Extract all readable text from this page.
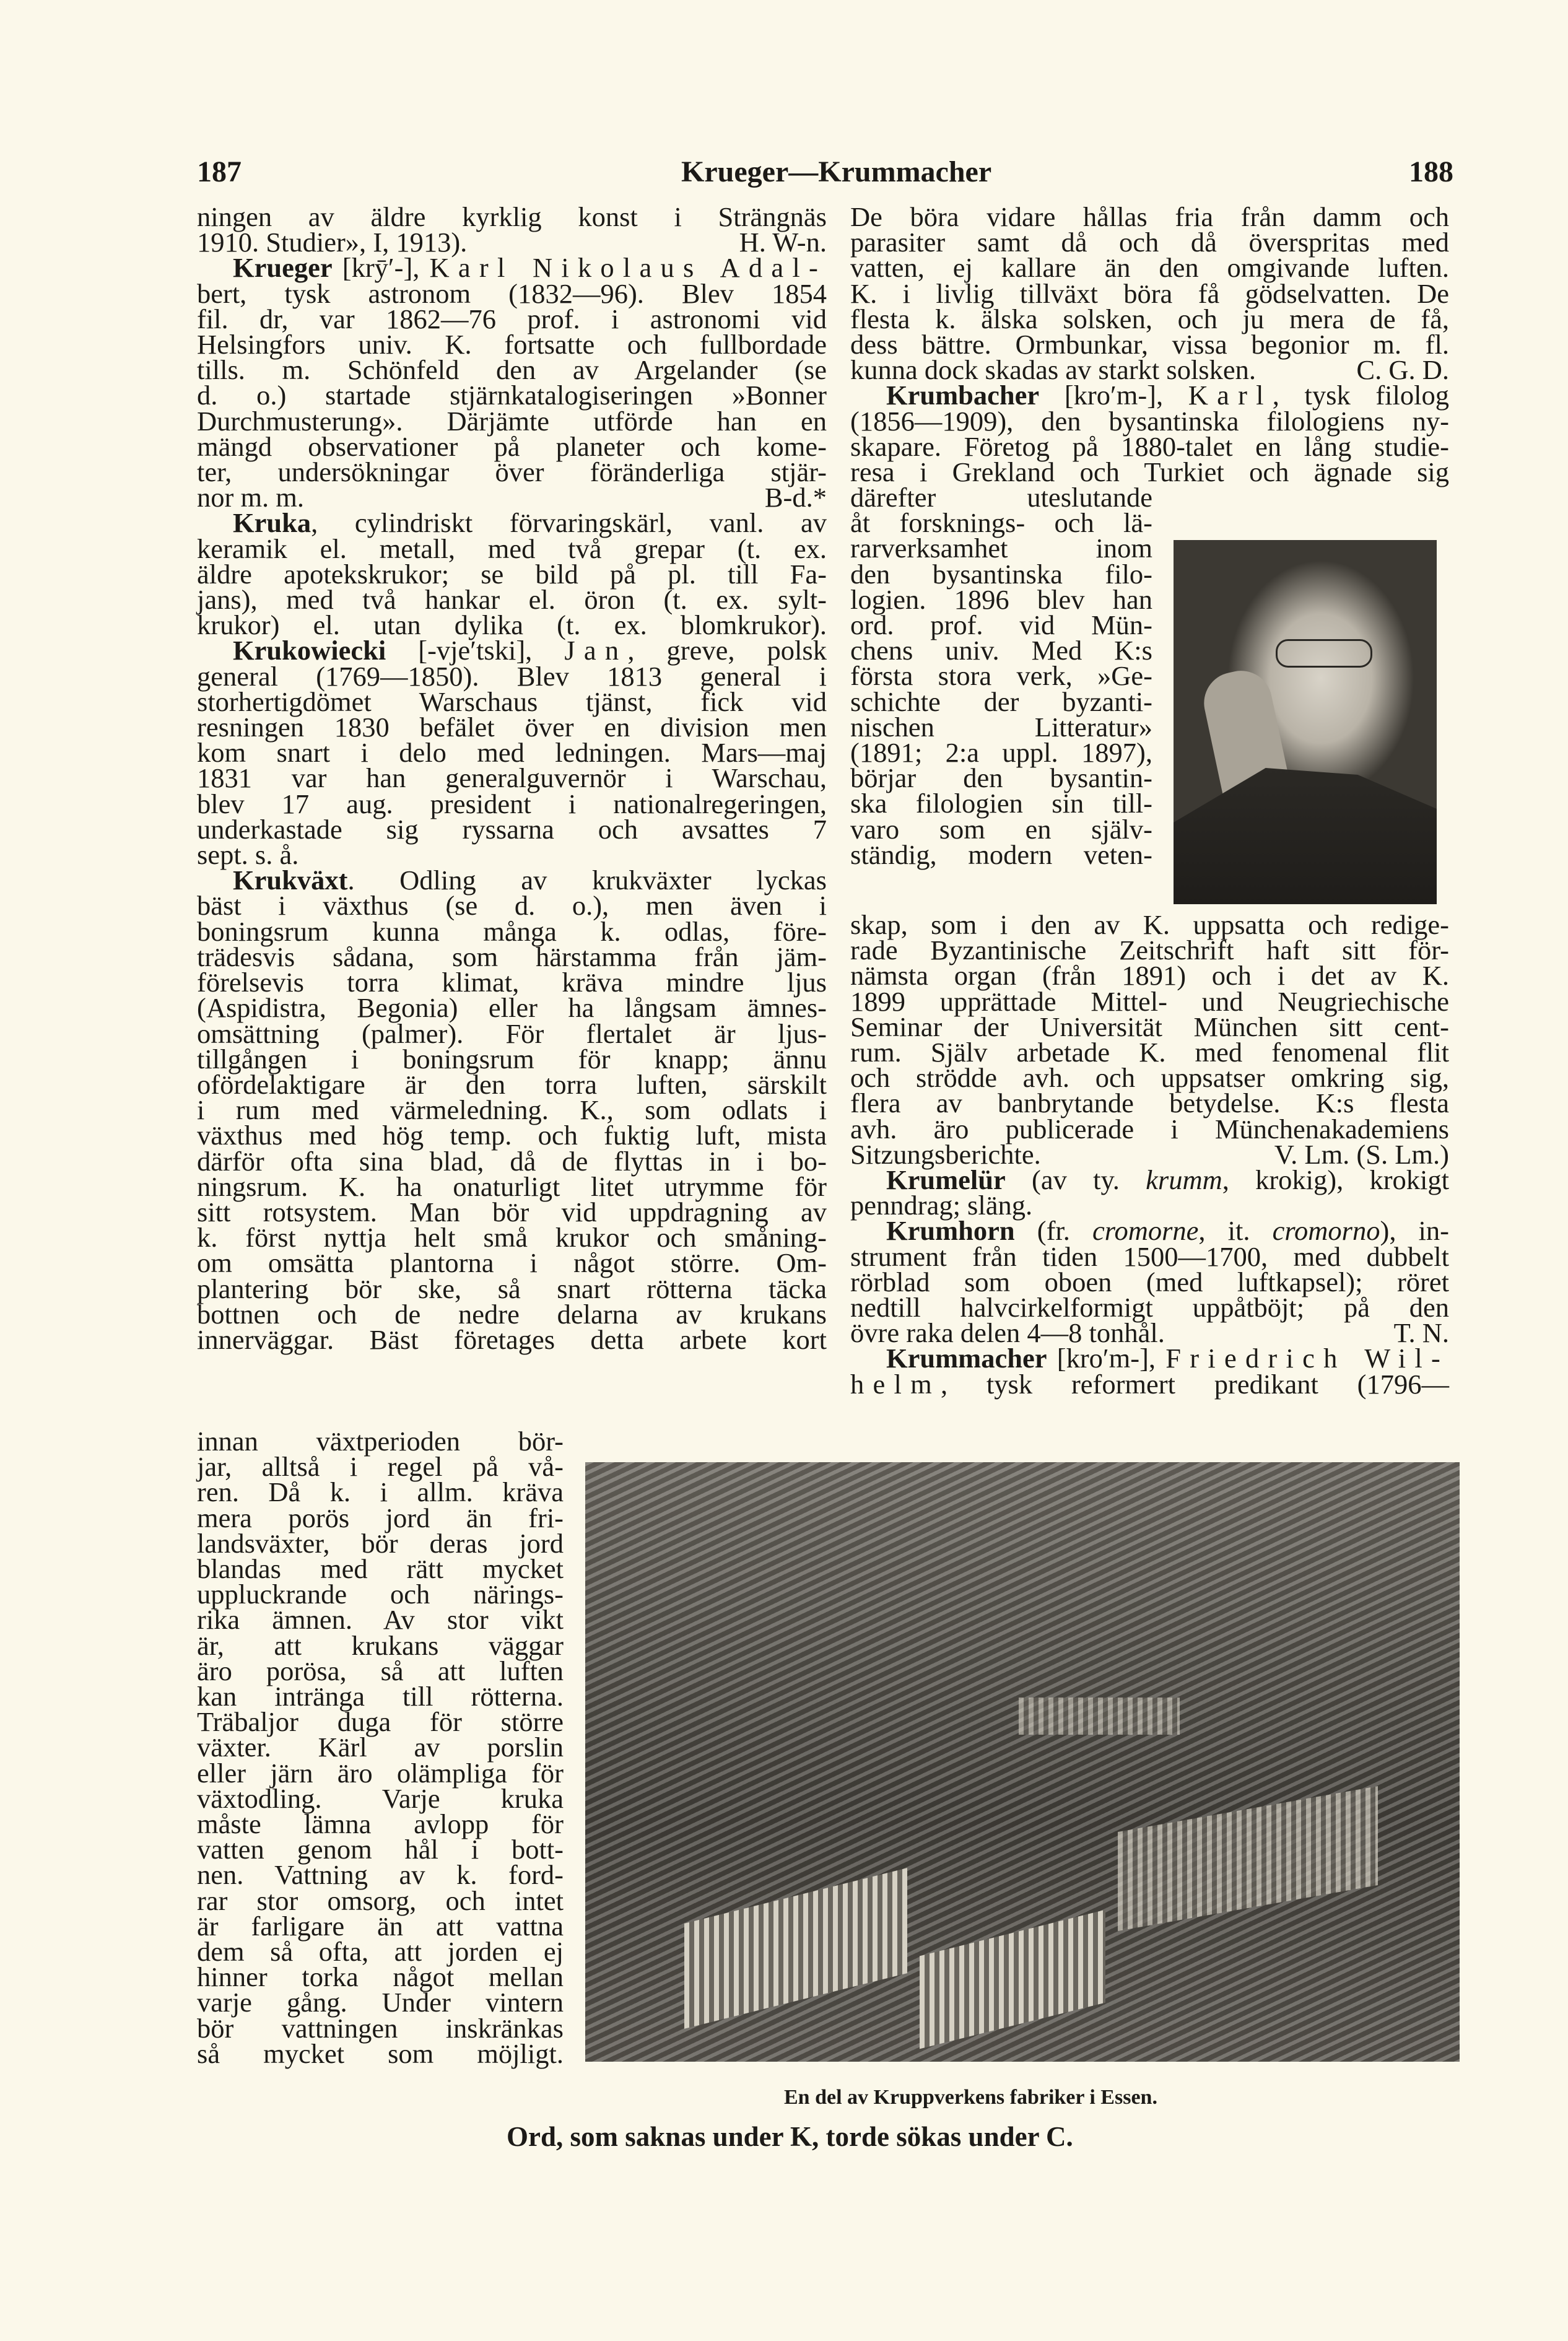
187	Krueger—Krummacher	188
ningen av äldre kyrklig konst i Strängnäs
1910. Studier», I, 1913).	H. W-n.
Krueger [krȳ′-], Karl Nikolaus Adal-
bert, tysk astronom (1832—96). Blev 1854
fil. dr, var 1862—76 prof. i astronomi vid
Helsingfors univ. K. fortsatte och fullbordade
tills. m. Schönfeld den av Argelander (se
d. o.) startade stjärnkatalogiseringen »Bonner
Durchmusterung». Därjämte utförde han en
mängd observationer på planeter och kome-
ter, undersökningar över föränderliga stjär-
nor m. m.	B-d.*
Kruka, cylindriskt förvaringskärl, vanl. av
keramik el. metall, med två grepar (t. ex.
äldre apotekskrukor; se bild på pl. till Fa-
jans), med två hankar el. öron (t. ex. sylt-
krukor) el. utan dylika (t. ex. blomkrukor).
Krukowiecki [-vje′tski], Jan, greve, polsk
general (1769—1850). Blev 1813 general i
storhertigdömet Warschaus tjänst, fick vid
resningen 1830 befälet över en division men
kom snart i delo med ledningen. Mars—maj
1831 var han generalguvernör i Warschau,
blev 17 aug. president i nationalregeringen,
underkastade sig ryssarna och avsattes 7
sept. s. å.
Krukväxt. Odling av krukväxter lyckas
bäst i växthus (se d. o.), men även i
boningsrum kunna många k. odlas, före-
trädesvis sådana, som härstamma från jäm-
förelsevis torra klimat, kräva mindre ljus
(Aspidistra, Begonia) eller ha långsam ämnes-
omsättning (palmer). För flertalet är ljus-
tillgången i boningsrum för knapp; ännu
ofördelaktigare är den torra luften, särskilt
i rum med värmeledning. K., som odlats i
växthus med hög temp. och fuktig luft, mista
därför ofta sina blad, då de flyttas in i bo-
ningsrum. K. ha onaturligt litet utrymme för
sitt rotsystem. Man bör vid uppdragning av
k. först nyttja helt små krukor och småning-
om omsätta plantorna i något större. Om-
plantering bör ske, så snart rötterna täcka
bottnen och de nedre delarna av krukans
innerväggar. Bäst företages detta arbete kort
innan växtperioden bör-
jar, alltså i regel på vå-
ren. Då k. i allm. kräva
mera porös jord än fri-
landsväxter, bör deras jord
blandas med rätt mycket
uppluckrande och närings-
rika ämnen. Av stor vikt
är, att krukans väggar
äro porösa, så att luften
kan intränga till rötterna.
Träbaljor duga för större
växter. Kärl av porslin
eller järn äro olämpliga för
växtodling. Varje kruka
måste lämna avlopp för
vatten genom hål i bott-
nen. Vattning av k. ford-
rar stor omsorg, och intet
är farligare än att vattna
dem så ofta, att jorden ej
hinner torka något mellan
varje gång. Under vintern
bör vattningen inskränkas
så mycket som möjligt.
De böra vidare hållas fria från damm och
parasiter samt då och då överspritas med
vatten, ej kallare än den omgivande luften.
K. i livlig tillväxt böra få gödselvatten. De
flesta k. älska solsken, och ju mera de få,
dess bättre. Ormbunkar, vissa begonior m. fl.
kunna dock skadas av starkt solsken.	C. G. D.
Krumbacher [kro′m-], Karl, tysk filolog
(1856—1909), den bysantinska filologiens ny-
skapare. Företog på 1880-talet en lång studie-
resa i Grekland och Turkiet och ägnade sig
därefter uteslutande
åt forsknings- och lä-
rarverksamhet inom
den bysantinska filo-
logien. 1896 blev han
ord. prof. vid Mün-
chens univ. Med K:s
första stora verk, »Ge-
schichte der byzanti-
nischen Litteratur»
(1891; 2:a uppl. 1897),
börjar den bysantin-
ska filologien sin till-
varo som en själv-
ständig, modern veten-
skap, som i den av K. uppsatta och redige-
rade Byzantinische Zeitschrift haft sitt för-
nämsta organ (från 1891) och i det av K.
1899 upprättade Mittel- und Neugriechische
Seminar der Universität München sitt cent-
rum. Själv arbetade K. med fenomenal flit
och strödde avh. och uppsatser omkring sig,
flera av banbrytande betydelse. K:s flesta
avh. äro publicerade i Münchenakademiens
Sitzungsberichte.	V. Lm. (S. Lm.)
Krumelür (av ty. krumm, krokig), krokigt
penndrag; släng.
Krumhorn (fr. cromorne, it. cromorno), in-
strument från tiden 1500—1700, med dubbelt
rörblad som oboen (med luftkapsel); röret
nedtill halvcirkelformigt uppåtböjt; på den
övre raka delen 4—8 tonhål.	T. N.
Krummacher [kro′m-], Friedrich Wil-
helm, tysk reformert predikant (1796—
En del av Kruppverkens fabriker i Essen.
Ord, som saknas under K, torde sökas under C.
